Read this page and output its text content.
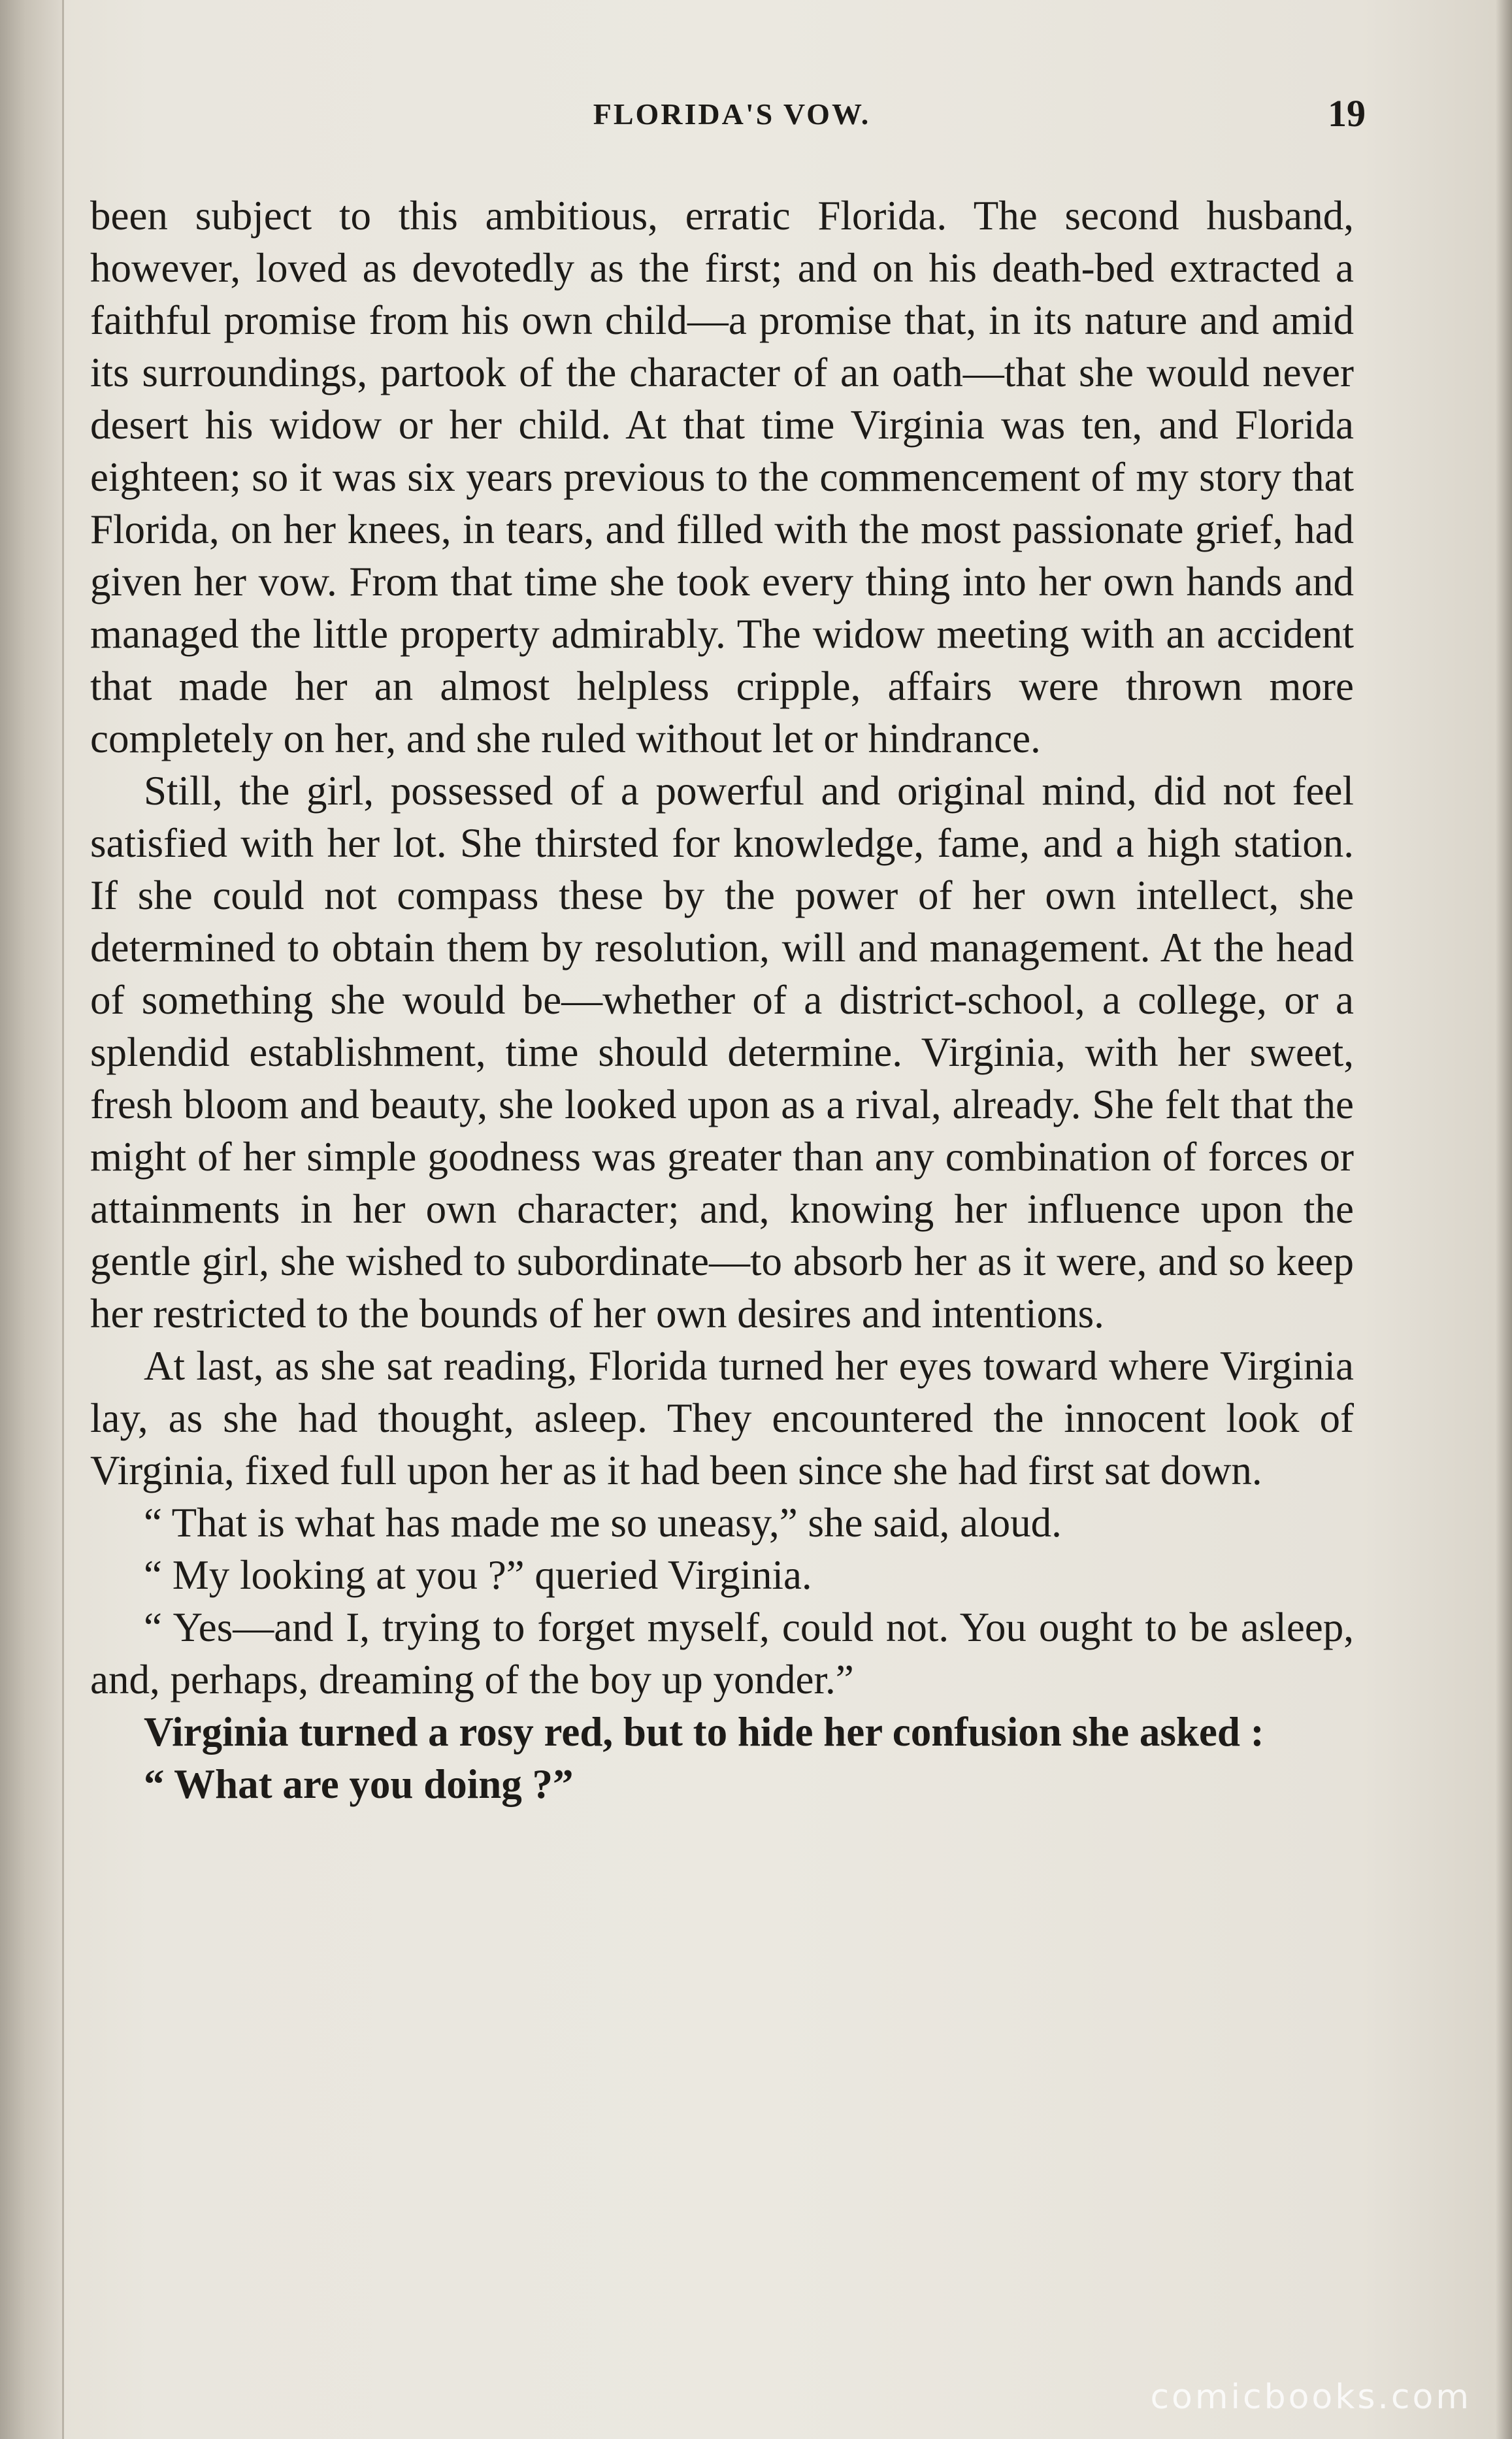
FLORIDA'S VOW.	19

been subject to this ambitious, erratic Florida. The second husband, however, loved as devotedly as the first; and on his death-bed extracted a faithful promise from his own child—a promise that, in its nature and amid its surroundings, partook of the character of an oath—that she would never desert his widow or her child. At that time Virginia was ten, and Florida eighteen; so it was six years previous to the commencement of my story that Florida, on her knees, in tears, and filled with the most passionate grief, had given her vow. From that time she took every thing into her own hands and managed the little property admirably. The widow meeting with an accident that made her an almost helpless cripple, affairs were thrown more completely on her, and she ruled without let or hindrance.

Still, the girl, possessed of a powerful and original mind, did not feel satisfied with her lot. She thirsted for knowledge, fame, and a high station. If she could not compass these by the power of her own intellect, she determined to obtain them by resolution, will and management. At the head of something she would be—whether of a district-school, a college, or a splendid establishment, time should determine. Virginia, with her sweet, fresh bloom and beauty, she looked upon as a rival, already. She felt that the might of her simple goodness was greater than any combination of forces or attainments in her own character; and, knowing her influence upon the gentle girl, she wished to subordinate—to absorb her as it were, and so keep her restricted to the bounds of her own desires and intentions.

At last, as she sat reading, Florida turned her eyes toward where Virginia lay, as she had thought, asleep. They encountered the innocent look of Virginia, fixed full upon her as it had been since she had first sat down.

“ That is what has made me so uneasy,” she said, aloud.

“ My looking at you ?” queried Virginia.

“ Yes—and I, trying to forget myself, could not. You ought to be asleep, and, perhaps, dreaming of the boy up yonder.”

Virginia turned a rosy red, but to hide her confusion she asked :

“ What are you doing ?”

comicbooks.com
